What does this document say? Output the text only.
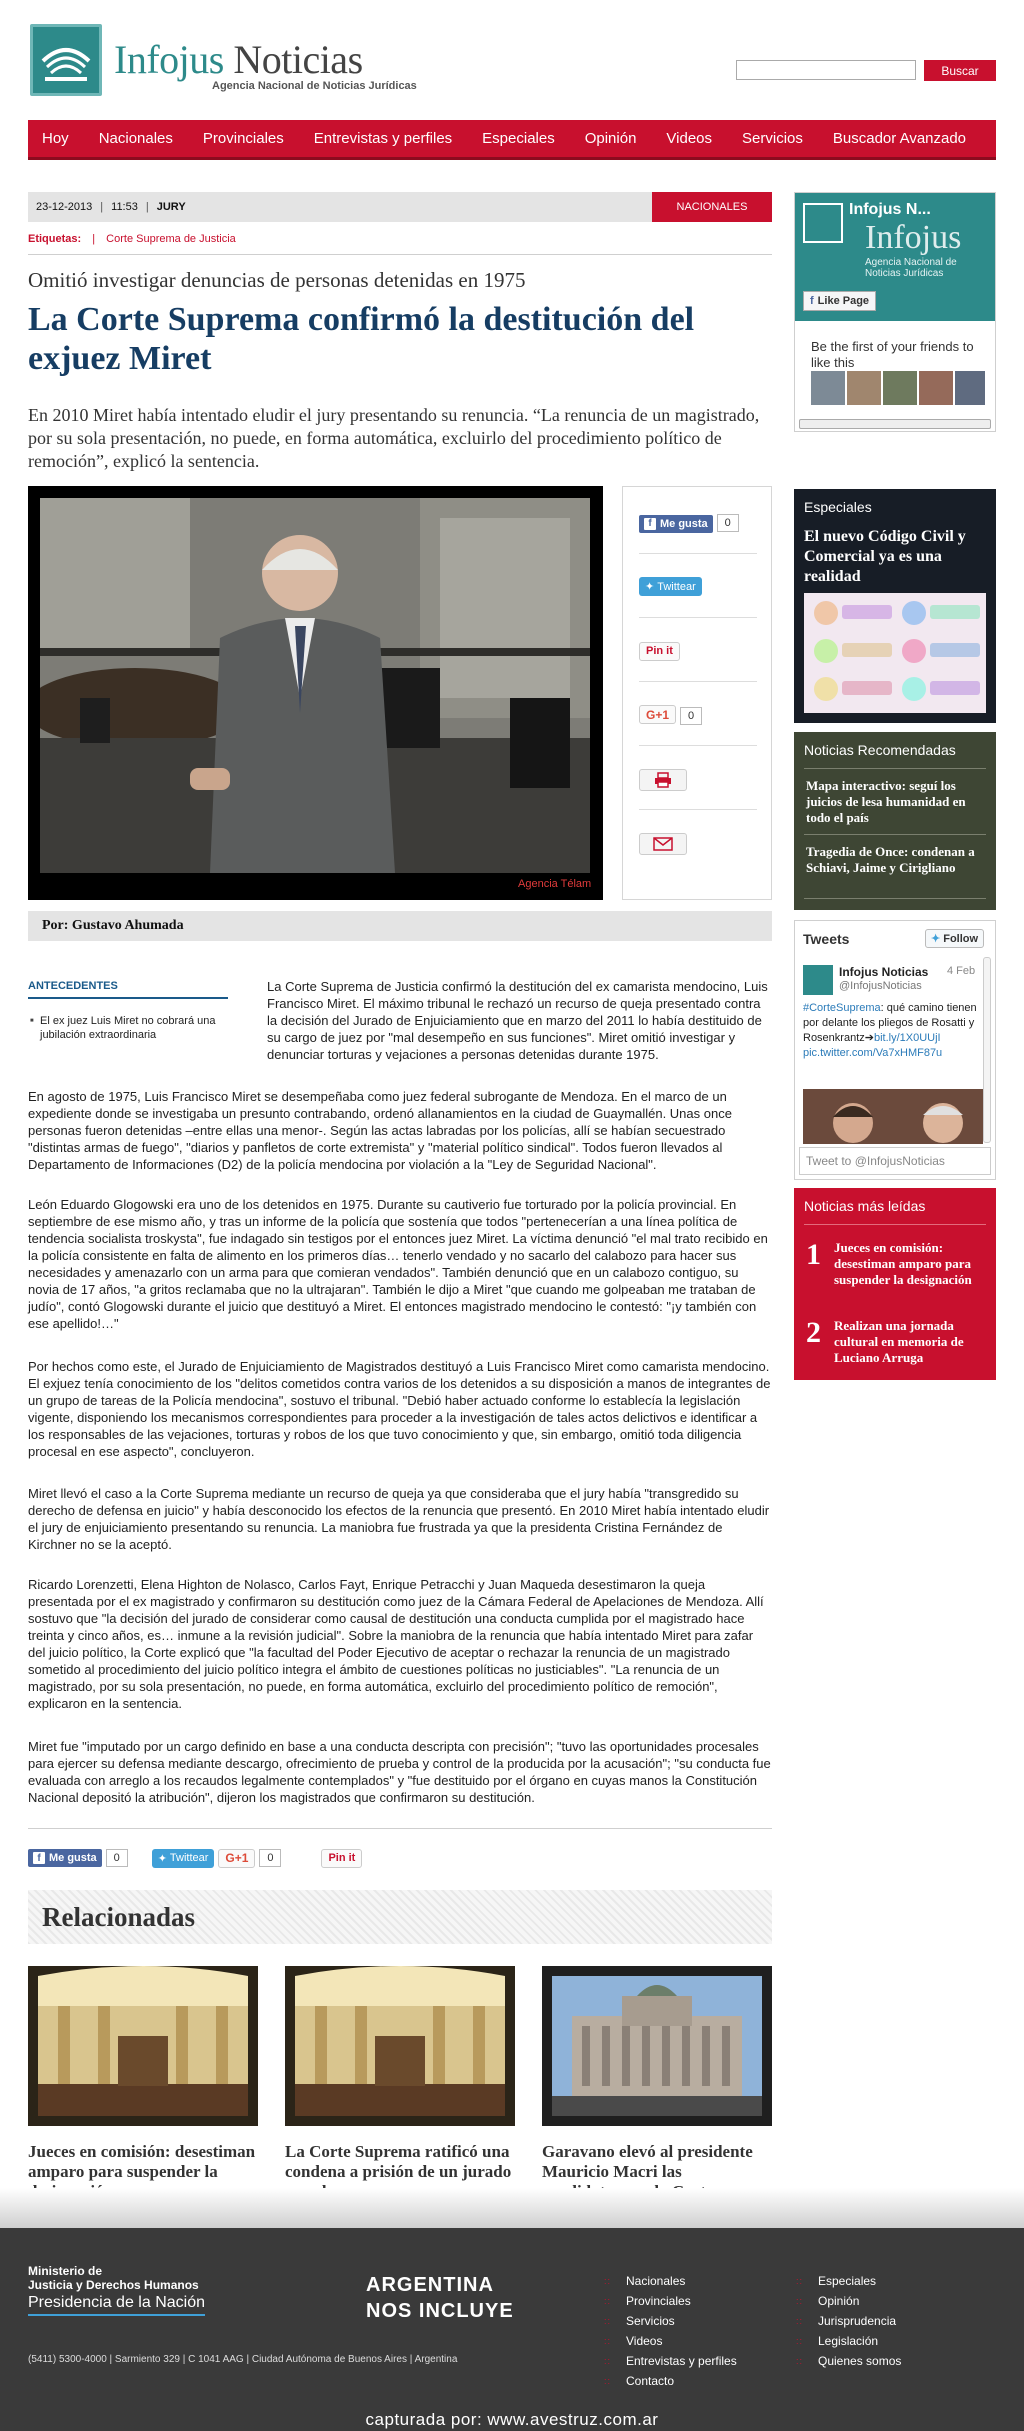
Infojus Noticias
Agencia Nacional de Noticias Jurídicas
Buscar
Hoy Nacionales Provinciales Entrevistas y perfiles Especiales Opinión Videos Servicios Buscador Avanzado
23-12-2013 | 11:53 | JURY	NACIONALES
Etiquetas: | Corte Suprema de Justicia
Omitió investigar denuncias de personas detenidas en 1975
La Corte Suprema confirmó la destitución del exjuez Miret
En 2010 Miret había intentado eludir el jury presentando su renuncia. “La renuncia de un magistrado, por su sola presentación, no puede, en forma automática, excluirlo del procedimiento político de remoción”, explicó la sentencia.
Agencia Télam
f Me gusta 0
✦ Twittear
Pin it
G+1 0
Por: Gustavo Ahumada
ANTECEDENTES
■ El ex juez Luis Miret no cobrará una jubilación extraordinaria

La Corte Suprema de Justicia confirmó la destitución del ex camarista mendocino, Luis Francisco Miret. El máximo tribunal le rechazó un recurso de queja presentado contra la decisión del Jurado de Enjuiciamiento que en marzo del 2011 lo había destituido de su cargo de juez por "mal desempeño en sus funciones". Miret omitió investigar y denunciar torturas y vejaciones a personas detenidas durante 1975.

En agosto de 1975, Luis Francisco Miret se desempeñaba como juez federal subrogante de Mendoza. En el marco de un expediente donde se investigaba un presunto contrabando, ordenó allanamientos en la ciudad de Guaymallén. Unas once personas fueron detenidas –entre ellas una menor-. Según las actas labradas por los policías, allí se habían secuestrado "distintas armas de fuego", "diarios y panfletos de corte extremista" y "material político sindical". Todos fueron llevados al Departamento de Informaciones (D2) de la policía mendocina por violación a la "Ley de Seguridad Nacional".

León Eduardo Glogowski era uno de los detenidos en 1975. Durante su cautiverio fue torturado por la policía provincial. En septiembre de ese mismo año, y tras un informe de la policía que sostenía que todos "pertenecerían a una línea política de tendencia socialista troskysta", fue indagado sin testigos por el entonces juez Miret. La víctima denunció "el mal trato recibido en la policía consistente en falta de alimento en los primeros días… tenerlo vendado y no sacarlo del calabozo para hacer sus necesidades y amenazarlo con un arma para que comieran vendados". También denunció que en un calabozo contiguo, su novia de 17 años, "a gritos reclamaba que no la ultrajaran". También le dijo a Miret "que cuando me golpeaban me trataban de judío", contó Glogowski durante el juicio que destituyó a Miret. El entonces magistrado mendocino le contestó: "¡y también con ese apellido!…"

Por hechos como este, el Jurado de Enjuiciamiento de Magistrados destituyó a Luis Francisco Miret como camarista mendocino. El exjuez tenía conocimiento de los "delitos cometidos contra varios de los detenidos a su disposición a manos de integrantes de un grupo de tareas de la Policía mendocina", sostuvo el tribunal. "Debió haber actuado conforme lo establecía la legislación vigente, disponiendo los mecanismos correspondientes para proceder a la investigación de tales actos delictivos e identificar a los responsables de las vejaciones, torturas y robos de los que tuvo conocimiento y que, sin embargo, omitió toda diligencia procesal en ese aspecto", concluyeron.

Miret llevó el caso a la Corte Suprema mediante un recurso de queja ya que consideraba que el jury había "transgredido su derecho de defensa en juicio" y había desconocido los efectos de la renuncia que presentó. En 2010 Miret había intentado eludir el jury de enjuiciamiento presentando su renuncia. La maniobra fue frustrada ya que la presidenta Cristina Fernández de Kirchner no se la aceptó.

Ricardo Lorenzetti, Elena Highton de Nolasco, Carlos Fayt, Enrique Petracchi y Juan Maqueda desestimaron la queja presentada por el ex magistrado y confirmaron su destitución como juez de la Cámara Federal de Apelaciones de Mendoza. Allí sostuvo que "la decisión del jurado de considerar como causal de destitución una conducta cumplida por el magistrado hace treinta y cinco años, es… inmune a la revisión judicial". Sobre la maniobra de la renuncia que había intentado Miret para zafar del juicio político, la Corte explicó que "la facultad del Poder Ejecutivo de aceptar o rechazar la renuncia de un magistrado sometido al procedimiento del juicio político integra el ámbito de cuestiones políticas no justiciables". "La renuncia de un magistrado, por su sola presentación, no puede, en forma automática, excluirlo del procedimiento político de remoción", explicaron en la sentencia.

Miret fue "imputado por un cargo definido en base a una conducta descripta con precisión"; "tuvo las oportunidades procesales para ejercer su defensa mediante descargo, ofrecimiento de prueba y control de la producida por la acusación"; "su conducta fue evaluada con arreglo a los recaudos legalmente contemplados" y "fue destituido por el órgano en cuyas manos la Constitución Nacional depositó la atribución", dijeron los magistrados que confirmaron su destitución.

f Me gusta	0	✦ Twittear	G+1	0	Pin it
Relacionadas
Jueces en comisión: desestiman amparo para suspender la
La Corte Suprema ratificó una condena a prisión de un jurado
Garavano elevó al presidente Mauricio Macri las
Infojus N...
Infojus
Agencia Nacional de Noticias Jurídicas
f Like Page
Be the first of your friends to like this
Especiales
El nuevo Código Civil y Comercial ya es una realidad
Noticias Recomendadas
Mapa interactivo: seguí los juicios de lesa humanidad en todo el país
Tragedia de Once: condenan a Schiavi, Jaime y Cirigliano
Tweets	✦ Follow
Infojus Noticias
@InfojusNoticias
4 Feb
#CorteSuprema: qué camino tienen por delante los pliegos de Rosatti y Rosenkrantz➔bit.ly/1X0UUjI pic.twitter.com/Va7xHMF87u
Tweet to @InfojusNoticias
Noticias más leídas
1 Jueces en comisión: desestiman amparo para suspender la designación
2 Realizan una jornada cultural en memoria de Luciano Arruga
Ministerio de
Justicia y Derechos Humanos
Presidencia de la Nación
ARGENTINA
NOS INCLUYE
(5411) 5300-4000 | Sarmiento 329 | C 1041 AAG | Ciudad Autónoma de Buenos Aires | Argentina
:: Nacionales
:: Provinciales
:: Servicios
:: Videos
:: Entrevistas y perfiles
:: Contacto
:: Especiales
:: Opinión
:: Jurisprudencia
:: Legislación
:: Quienes somos
capturada por: www.avestruz.com.ar
